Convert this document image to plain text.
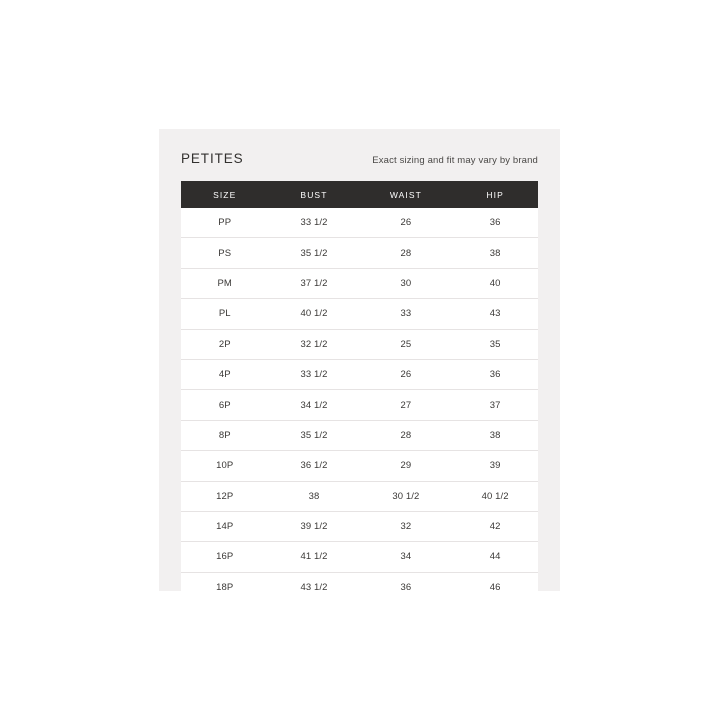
PETITES	Exact sizing and fit may vary by brand
SIZE	BUST	WAIST	HIP
PP	33 1/2	26	36
PS	35 1/2	28	38
PM	37 1/2	30	40
PL	40 1/2	33	43
2P	32 1/2	25	35
4P	33 1/2	26	36
6P	34 1/2	27	37
8P	35 1/2	28	38
10P	36 1/2	29	39
12P	38	30 1/2	40 1/2
14P	39 1/2	32	42
16P	41 1/2	34	44
18P	43 1/2	36	46
